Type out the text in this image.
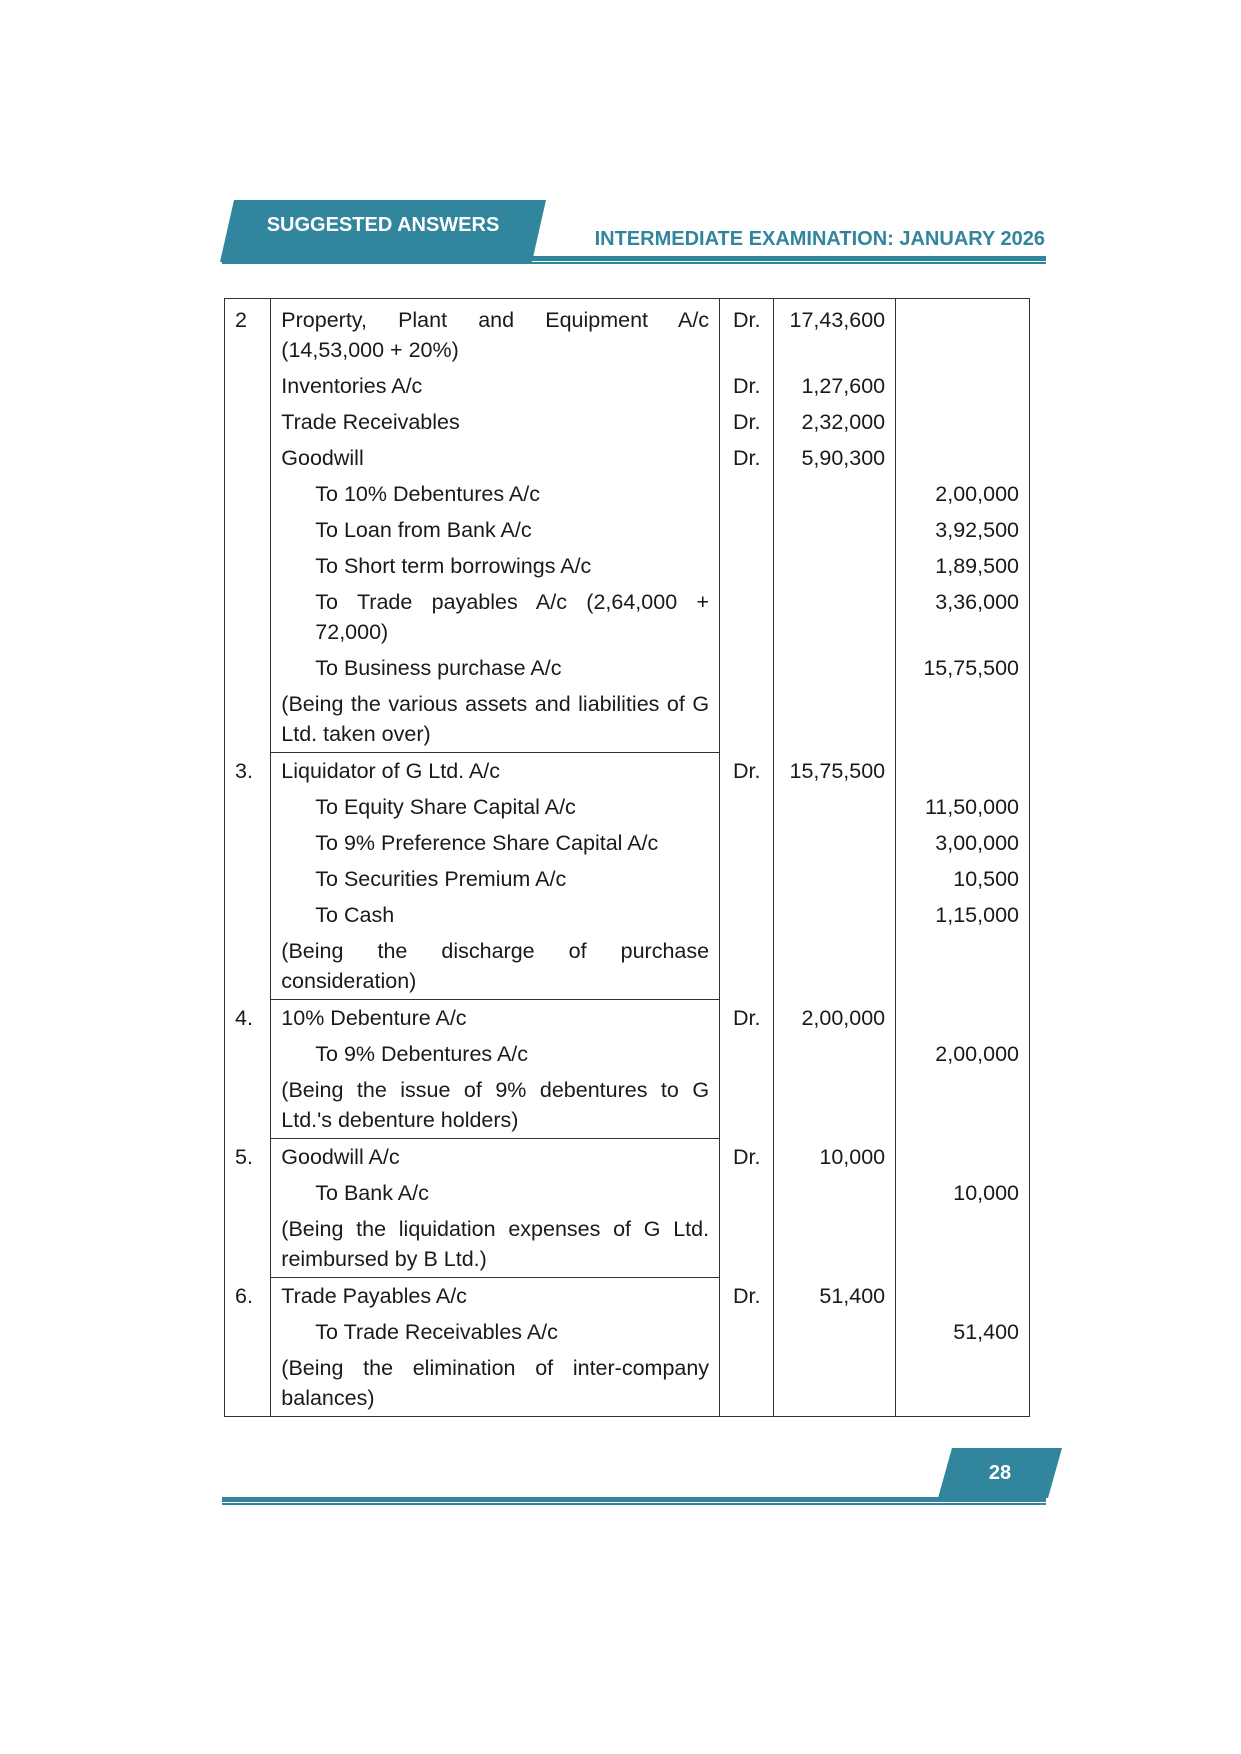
SUGGESTED ANSWERS
INTERMEDIATE EXAMINATION: JANUARY 2026
2	Property, Plant and Equipment A/c (14,53,000 + 20%)	Dr.	17,43,600	
	Inventories A/c	Dr.	1,27,600	
	Trade Receivables	Dr.	2,32,000	
	Goodwill	Dr.	5,90,300	
	To 10% Debentures A/c			2,00,000
	To Loan from Bank A/c			3,92,500
	To Short term borrowings A/c			1,89,500
	To Trade payables A/c (2,64,000 + 72,000)			3,36,000
	To Business purchase A/c			15,75,500
	(Being the various assets and liabilities of G Ltd. taken over)			
3.	Liquidator of G Ltd. A/c	Dr.	15,75,500	
	To Equity Share Capital A/c			11,50,000
	To 9% Preference Share Capital A/c			3,00,000
	To Securities Premium A/c			10,500
	To Cash			1,15,000
	(Being the discharge of purchase consideration)			
4.	10% Debenture A/c	Dr.	2,00,000	
	To 9% Debentures A/c			2,00,000
	(Being the issue of 9% debentures to G Ltd.'s debenture holders)			
5.	Goodwill A/c	Dr.	10,000	
	To Bank A/c			10,000
	(Being the liquidation expenses of G Ltd. reimbursed by B Ltd.)			
6.	Trade Payables A/c	Dr.	51,400	
	To Trade Receivables A/c			51,400
	(Being the elimination of inter-company balances)			
28
